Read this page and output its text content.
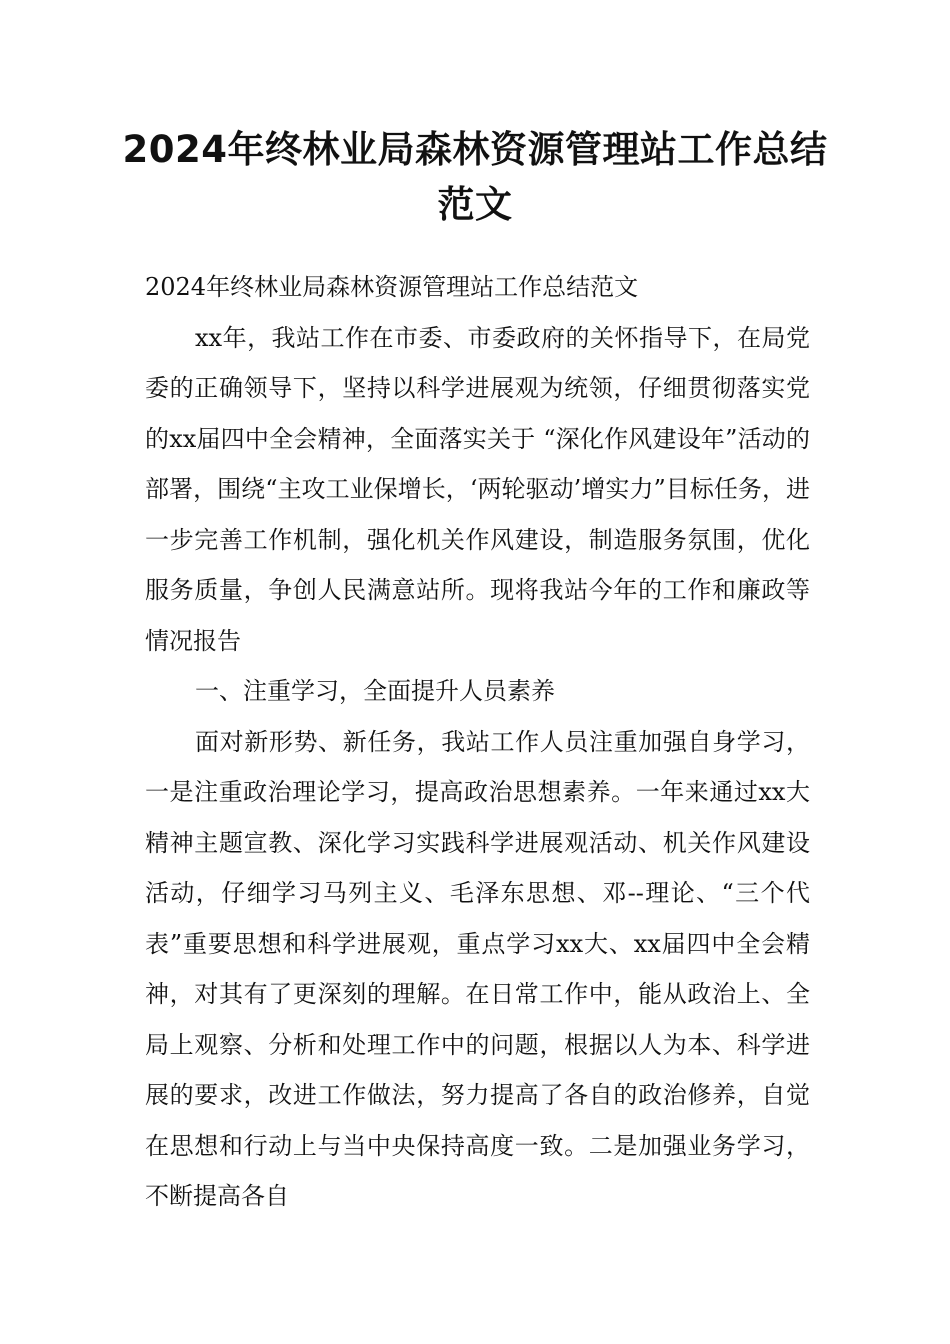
2024年终林业局森林资源管理站工作总结范文

2024年终林业局森林资源管理站工作总结范文

xx年，我站工作在市委、市委政府的关怀指导下，在局党委的正确领导下，坚持以科学进展观为统领，仔细贯彻落实党的xx届四中全会精神，全面落实关于 “深化作风建设年”活动的部署，围绕“主攻工业保增长，‘两轮驱动’增实力”目标任务，进一步完善工作机制，强化机关作风建设，制造服务氛围，优化服务质量，争创人民满意站所。现将我站今年的工作和廉政等情况报告

一、注重学习，全面提升人员素养

面对新形势、新任务，我站工作人员注重加强自身学习，一是注重政治理论学习，提高政治思想素养。一年来通过xx大精神主题宣教、深化学习实践科学进展观活动、机关作风建设活动，仔细学习马列主义、毛泽东思想、邓--理论、“三个代表”重要思想和科学进展观，重点学习xx大、xx届四中全会精神，对其有了更深刻的理解。在日常工作中，能从政治上、全局上观察、分析和处理工作中的问题，根据以人为本、科学进展的要求，改进工作做法，努力提高了各自的政治修养，自觉在思想和行动上与当中央保持高度一致。二是加强业务学习，不断提高各自
